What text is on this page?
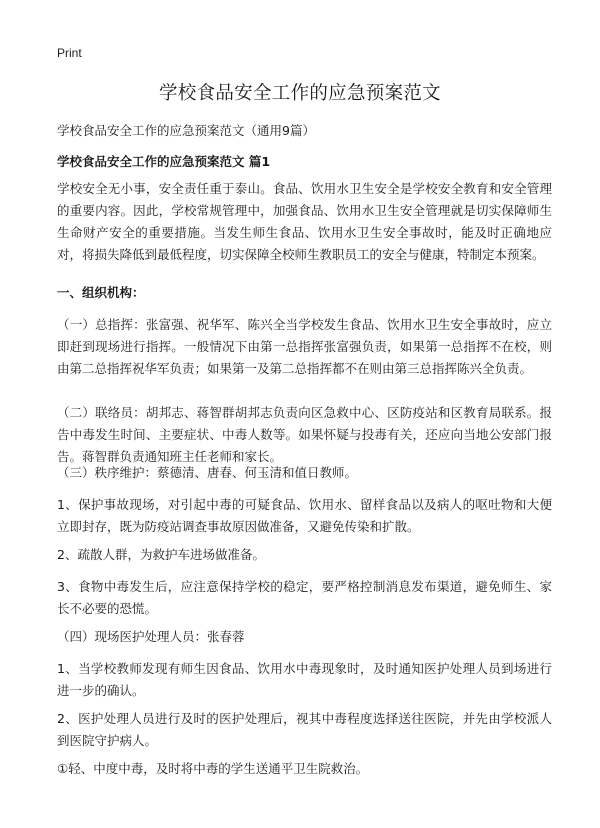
Print
学校食品安全工作的应急预案范文

学校食品安全工作的应急预案范文（通用9篇）

学校食品安全工作的应急预案范文 篇1

学校安全无小事，安全责任重于泰山。食品、饮用水卫生安全是学校安全教育和安全管理的重要内容。因此，学校常规管理中，加强食品、饮用水卫生安全管理就是切实保障师生生命财产安全的重要措施。当发生师生食品、饮用水卫生安全事故时，能及时正确地应对，将损失降低到最低程度，切实保障全校师生教职员工的安全与健康，特制定本预案。

一、组织机构：

（一）总指挥：张富强、祝华军、陈兴全当学校发生食品、饮用水卫生安全事故时，应立即赶到现场进行指挥。一般情况下由第一总指挥张富强负责，如果第一总指挥不在校，则由第二总指挥祝华军负责；如果第一及第二总指挥都不在则由第三总指挥陈兴全负责。

（二）联络员：胡邦志、蒋智群胡邦志负责向区急救中心、区防疫站和区教育局联系。报告中毒发生时间、主要症状、中毒人数等。如果怀疑与投毒有关，还应向当地公安部门报告。蒋智群负责通知班主任老师和家长。

（三）秩序维护：蔡德清、唐春、何玉清和值日教师。

1、保护事故现场，对引起中毒的可疑食品、饮用水、留样食品以及病人的呕吐物和大便立即封存，既为防疫站调查事故原因做准备，又避免传染和扩散。

2、疏散人群，为救护车进场做准备。

3、食物中毒发生后，应注意保持学校的稳定，要严格控制消息发布渠道，避免师生、家长不必要的恐慌。

（四）现场医护处理人员：张春蓉

1、当学校教师发现有师生因食品、饮用水中毒现象时，及时通知医护处理人员到场进行进一步的确认。

2、医护处理人员进行及时的医护处理后，视其中毒程度选择送往医院，并先由学校派人到医院守护病人。

①轻、中度中毒，及时将中毒的学生送通平卫生院救治。
